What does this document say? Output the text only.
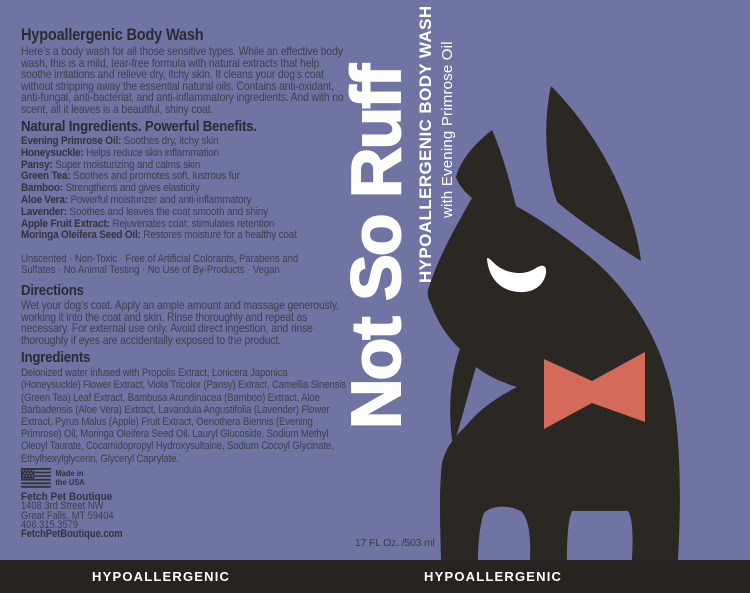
Hypoallergenic Body Wash

Here’s a body wash for all those sensitive types. While an effective body wash, this is a mild, tear-free formula with natural extracts that help soothe irritations and relieve dry, itchy skin. It cleans your dog’s coat without stripping away the essential natural oils. Contains anti-oxidant, anti-fungal, anti-bacterial, and anti-inflammatory ingredients. And with no scent, all it leaves is a beautiful, shiny coat.

Natural Ingredients. Powerful Benefits.
Evening Primrose Oil: Soothes dry, itchy skin
Honeysuckle: Helps reduce skin inflammation
Pansy: Super moisturizing and calms skin
Green Tea: Soothes and promotes soft, lustrous fur
Bamboo: Strengthens and gives elasticity
Aloe Vera: Powerful moisturizer and anti-inflammatory
Lavender: Soothes and leaves the coat smooth and shiny
Apple Fruit Extract: Rejuvenates coat; stimulates retention
Moringa Oleifera Seed Oil: Restores moisture for a healthy coat
Unscented · Non-Toxic · Free of Artificial Colorants, Parabens and
Sulfates · No Animal Testing · No Use of By-Products · Vegan
Directions

Wet your dog’s coat. Apply an ample amount and massage generously, working it into the coat and skin. Rinse thoroughly and repeat as necessary. For external use only. Avoid direct ingestion, and rinse thoroughly if eyes are accidentally exposed to the product.

Ingredients

Deionized water infused with Propolis Extract, Lonicera Japonica (Honeysuckle) Flower Extract, Viola Tricolor (Pansy) Extract, Camellia Sinensis (Green Tea) Leaf Extract, Bambusa Arundinacea (Bamboo) Extract, Aloe Barbadensis (Aloe Vera) Extract, Lavandula Angustifolia (Lavender) Flower Extract, Pyrus Malus (Apple) Fruit Extract, Oenothera Biennis (Evening Primrose) Oil, Moringa Oleifera Seed Oil. Lauryl Glucoside, Sodium Methyl Oleoyl Taurate, Cocamidopropyl Hydroxysultaine, Sodium Cocoyl Glycinate, Ethylhexylglycerin, Glyceryl Caprylate.

Made in
the USA
Fetch Pet Boutique
1408 3rd Street NW
Great Falls, MT 59404
406.315.3579
FetchPetBoutique.com
Not So Ruff HYPOALLERGENIC BODY WASH with Evening Primrose Oil
17 FL Oz. /503 ml
HYPOALLERGENIC	HYPOALLERGENIC
